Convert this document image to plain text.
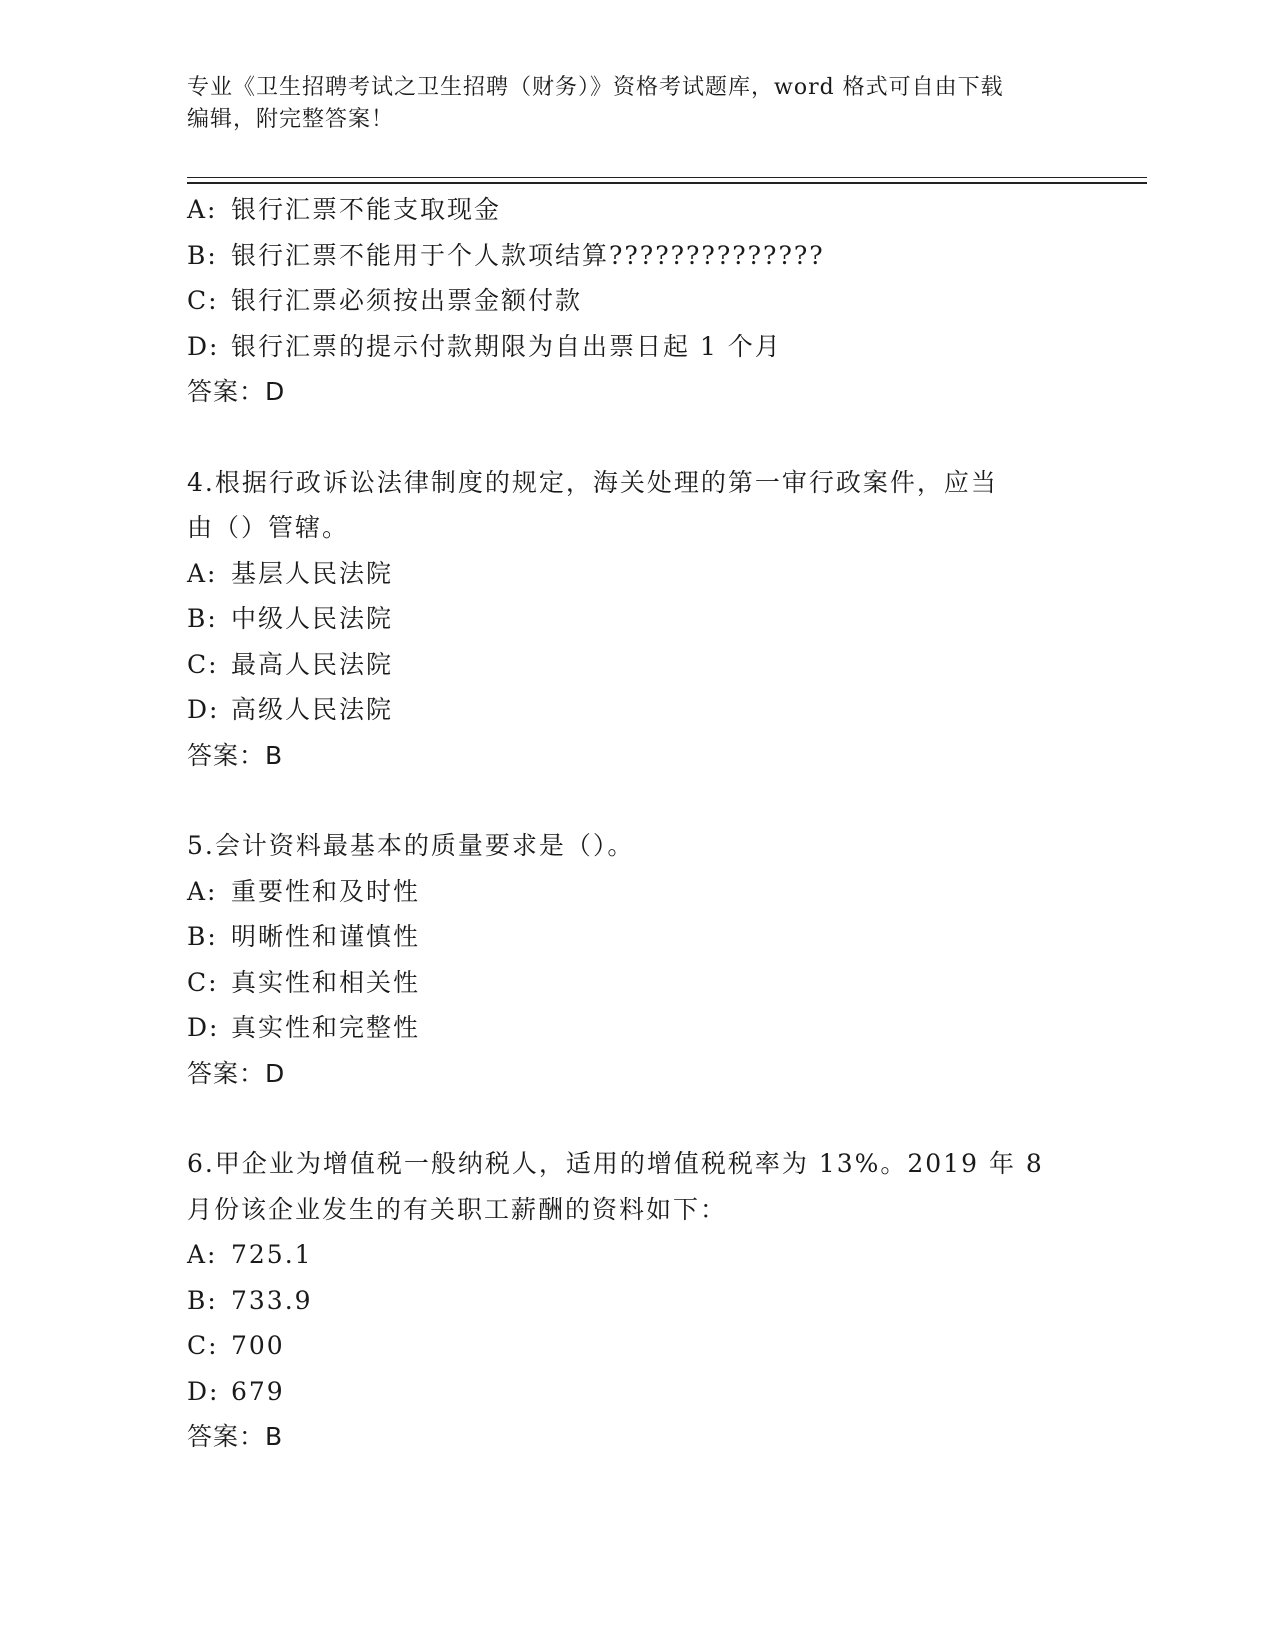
专业《卫生招聘考试之卫生招聘（财务）》资格考试题库，word 格式可自由下载
编辑，附完整答案！
A: 银行汇票不能支取现金
B: 银行汇票不能用于个人款项结算??????????????
C: 银行汇票必须按出票金额付款
D: 银行汇票的提示付款期限为自出票日起 1 个月
答案：D
4.根据行政诉讼法律制度的规定，海关处理的第一审行政案件，应当
由（）管辖。
A: 基层人民法院
B: 中级人民法院
C: 最高人民法院
D: 高级人民法院
答案：B
5.会计资料最基本的质量要求是（）。
A: 重要性和及时性
B: 明晰性和谨慎性
C: 真实性和相关性
D: 真实性和完整性
答案：D
6.甲企业为增值税一般纳税人，适用的增值税税率为 13%。2019 年 8
月份该企业发生的有关职工薪酬的资料如下：
A: 725.1
B: 733.9
C: 700
D: 679
答案：B
